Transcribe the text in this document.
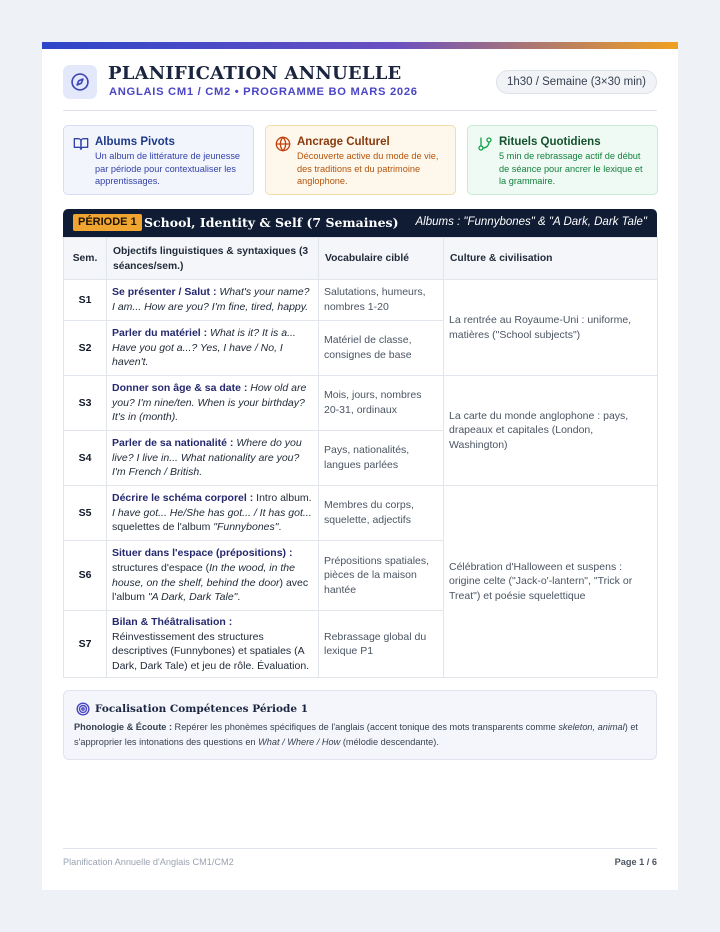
PLANIFICATION ANNUELLE
ANGLAIS CM1 / CM2 • PROGRAMME BO MARS 2026
1h30 / Semaine (3×30 min)
Albums Pivots
Un album de littérature de jeunesse par période pour contextualiser les apprentissages.
Ancrage Culturel
Découverte active du mode de vie, des traditions et du patrimoine anglophone.
Rituels Quotidiens
5 min de rebrassage actif de début de séance pour ancrer le lexique et la grammaire.
PÉRIODE 1 School, Identity & Self (7 Semaines) Albums : "Funnybones" & "A Dark, Dark Tale"
Sem.	Objectifs linguistiques & syntaxiques (3 séances/sem.)	Vocabulaire ciblé	Culture & civilisation
S1	Se présenter / Salut : What's your name? I am... How are you? I'm fine, tired, happy.	Salutations, humeurs, nombres 1-20	La rentrée au Royaume-Uni : uniforme, matières ("School subjects")
S2	Parler du matériel : What is it? It is a... Have you got a...? Yes, I have / No, I haven't.	Matériel de classe, consignes de base	
S3	Donner son âge & sa date : How old are you? I'm nine/ten. When is your birthday? It's in (month).	Mois, jours, nombres 20-31, ordinaux	La carte du monde anglophone : pays, drapeaux et capitales (London, Washington)
S4	Parler de sa nationalité : Where do you live? I live in... What nationality are you? I'm French / British.	Pays, nationalités, langues parlées	
S5	Décrire le schéma corporel : Intro album. I have got... He/She has got... / It has got... squelettes de l'album "Funnybones".	Membres du corps, squelette, adjectifs	Célébration d'Halloween et suspens : origine celte ("Jack-o'-lantern", "Trick or Treat") et poésie squelettique
S6	Situer dans l'espace (prépositions) : structures d'espace (In the wood, in the house, on the shelf, behind the door) avec l'album "A Dark, Dark Tale".	Prépositions spatiales, pièces de la maison hantée	
S7	Bilan & Théâtralisation : Réinvestissement des structures descriptives (Funnybones) et spatiales (A Dark, Dark Tale) et jeu de rôle. Évaluation.	Rebrassage global du lexique P1	
Focalisation Compétences Période 1
Phonologie & Écoute : Repérer les phonèmes spécifiques de l'anglais (accent tonique des mots transparents comme skeleton, animal) et s'approprier les intonations des questions en What / Where / How (mélodie descendante).
Planification Annuelle d'Anglais CM1/CM2	Page 1 / 6
